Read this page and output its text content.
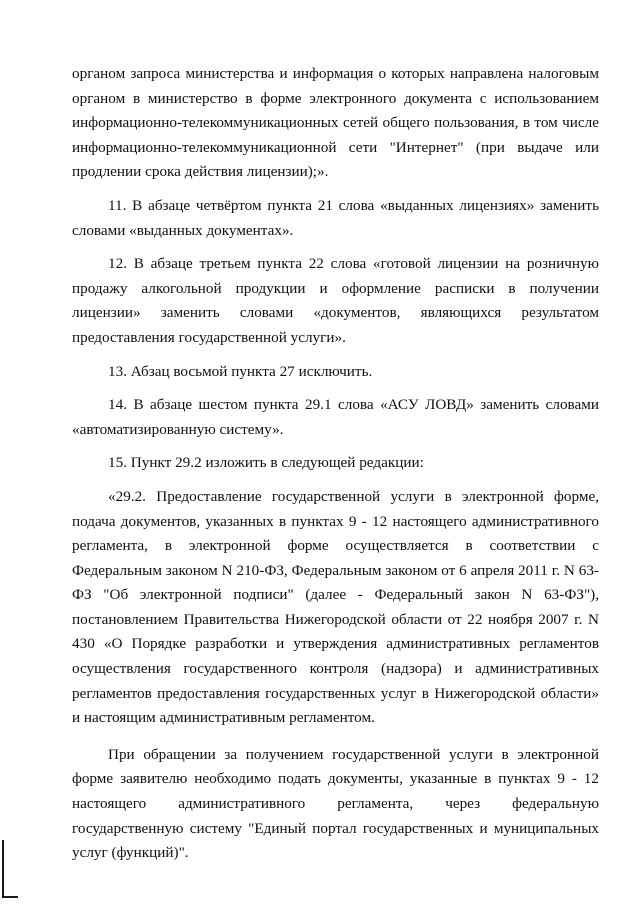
органом запроса министерства и информация о которых направлена налоговым органом в министерство в форме электронного документа с использованием информационно-телекоммуникационных сетей общего пользования, в том числе информационно-телекоммуникационной сети "Интернет" (при выдаче или продлении срока действия лицензии);».

11. В абзаце четвёртом пункта 21 слова «выданных лицензиях» заменить словами «выданных документах».

12. В абзаце третьем пункта 22 слова «готовой лицензии на розничную продажу алкогольной продукции и оформление расписки в получении лицензии» заменить словами «документов, являющихся результатом предоставления государственной услуги».

13. Абзац восьмой пункта 27 исключить.

14. В абзаце шестом пункта 29.1 слова «АСУ ЛОВД» заменить словами «автоматизированную систему».

15. Пункт 29.2 изложить в следующей редакции:

«29.2. Предоставление государственной услуги в электронной форме, подача документов, указанных в пунктах 9 - 12 настоящего административного регламента, в электронной форме осуществляется в соответствии с Федеральным законом N 210-ФЗ, Федеральным законом от 6 апреля 2011 г. N 63-ФЗ "Об электронной подписи" (далее - Федеральный закон N 63-ФЗ"), постановлением Правительства Нижегородской области от 22 ноября 2007 г. N 430 «О Порядке разработки и утверждения административных регламентов осуществления государственного контроля (надзора) и административных регламентов предоставления государственных услуг в Нижегородской области» и настоящим административным регламентом.

При обращении за получением государственной услуги в электронной форме заявителю необходимо подать документы, указанные в пунктах 9 - 12 настоящего административного регламента, через федеральную государственную систему "Единый портал государственных и муниципальных услуг (функций)".
